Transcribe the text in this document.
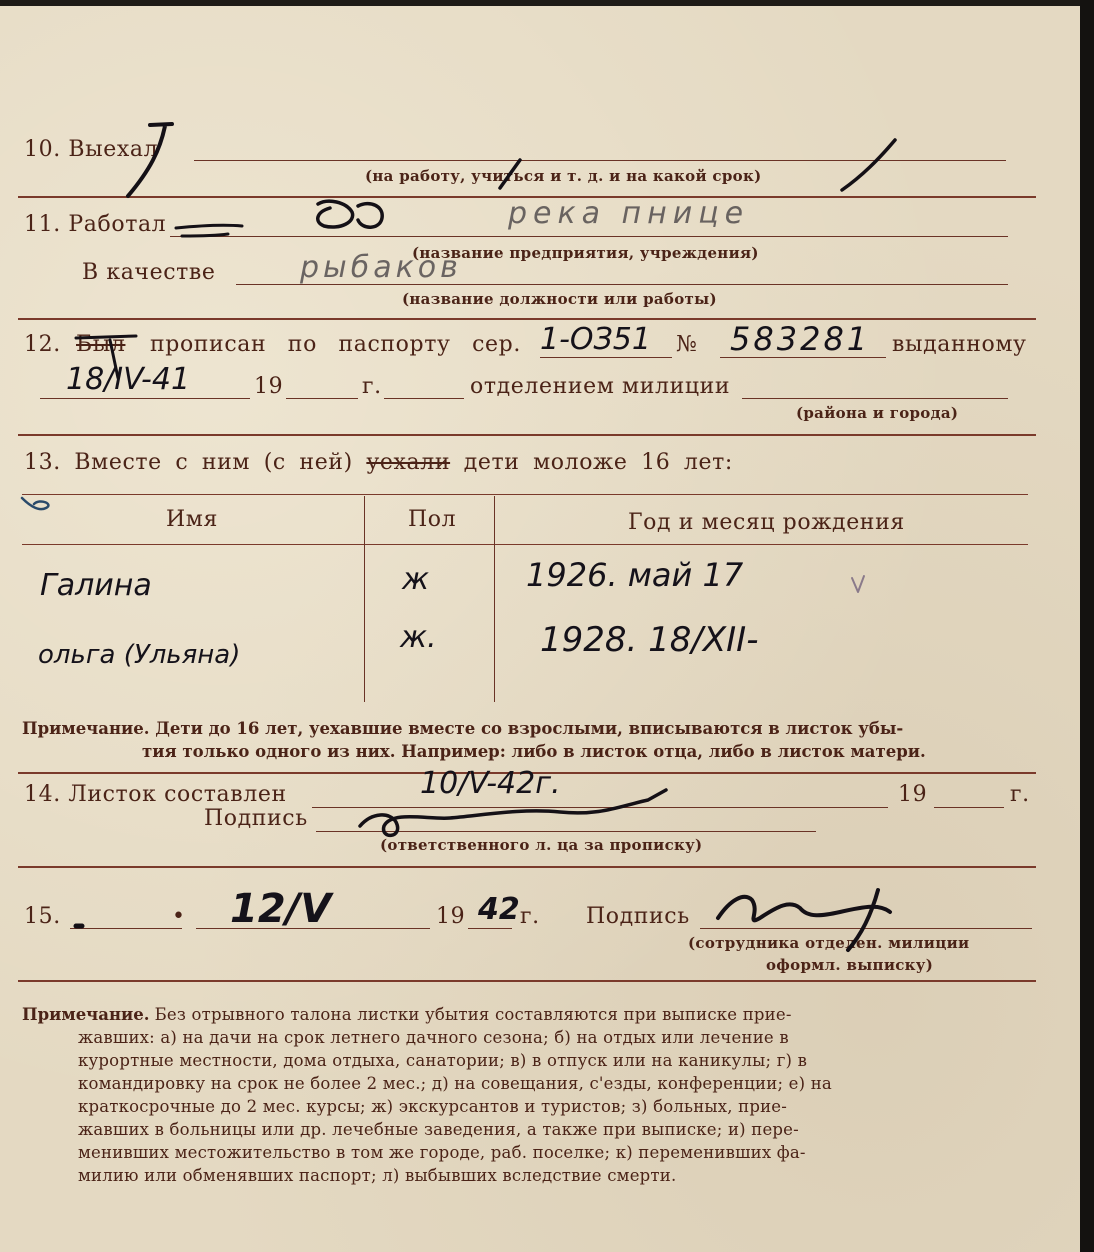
10. Выехал
(на работу, учиться и т. д. и на какой срок)
11. Работал
(название предприятия, учреждения)
В качестве
(название должности или работы)
12. Был прописан по паспорту сер.	№	выданному
19	г.	отделением милиции
(района и города)
13. Вместе с ним (с ней) уехали дети моложе 16 лет:
Имя	Пол	Год и месяц рождения
Примечание. Дети до 16 лет, уехавшие вместе со взрослыми, вписываются в листок убы-
тия только одного из них. Например: либо в листок отца, либо в листок матери.
14. Листок составлен	19	г.
Подпись
(ответственного л. ца за прописку)
15.	•	19 г. Подпись
(сотрудника отделен. милиции
оформл. выписку)
Примечание. Без отрывного талона листки убытия составляются при выписке прие-
жавших: а) на дачи на срок летнего дачного сезона; б) на отдых или лечение в
курортные местности, дома отдыха, санатории; в) в отпуск или на каникулы; г) в
командировку на срок не более 2 мес.; д) на совещания, с'езды, конференции; е) на
краткосрочные до 2 мес. курсы; ж) экскурсантов и туристов; з) больных, прие-
жавших в больницы или др. лечебные заведения, а также при выписке; и) пере-
менивших местожительство в том же городе, раб. поселке; к) переменивших фа-
милию или обменявших паспорт; л) выбывших вследствие смерти.
1-ОЗ51 583281
18/IV-41
Галина	ж	1926. май 17
ольга (Ульяна)	ж.	1928. 18/XII-
10/V-42г.
12/V	42
река пнице
рыбаков
